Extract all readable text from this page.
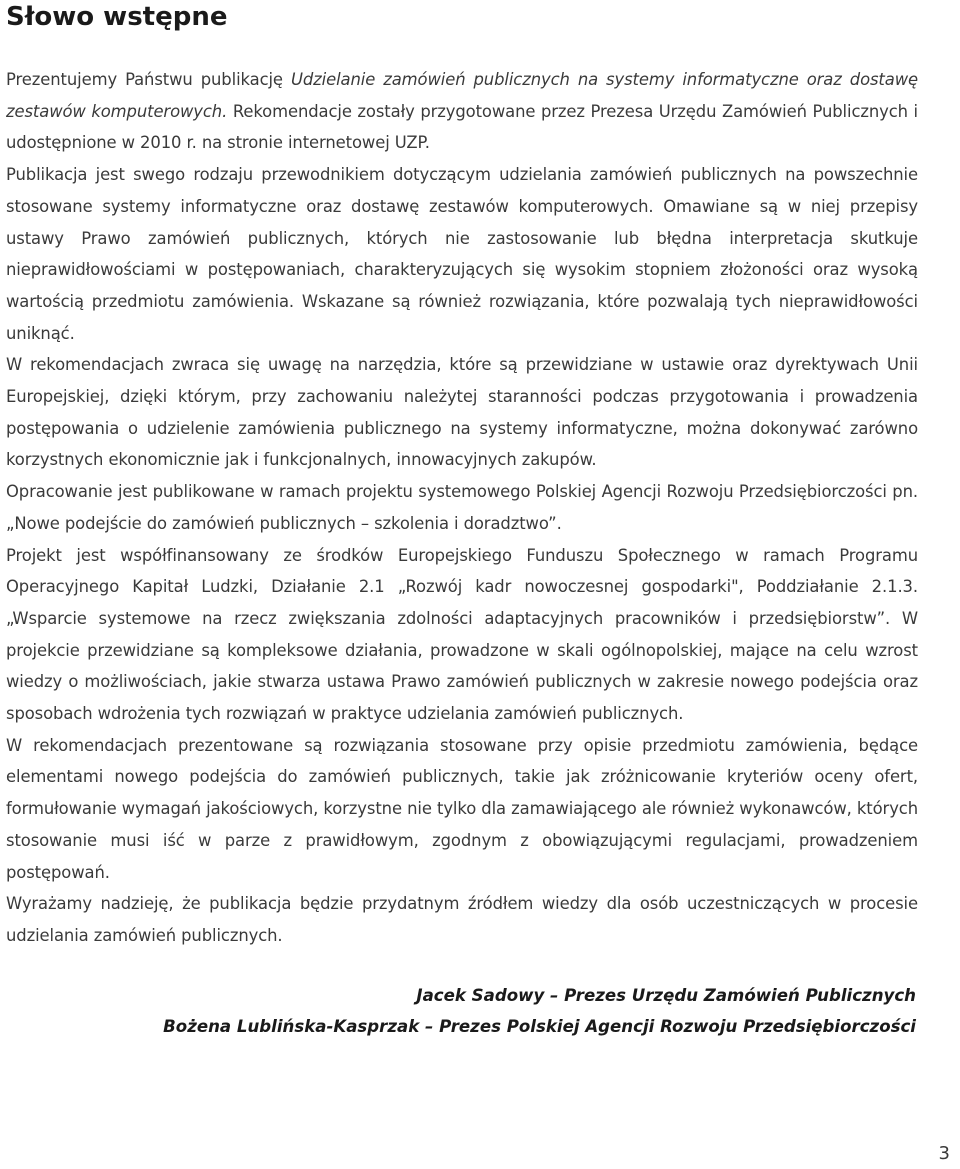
Słowo wstępne

Prezentujemy Państwu publikację Udzielanie zamówień publicznych na systemy informatyczne oraz dostawę zestawów komputerowych. Rekomendacje zostały przygotowane przez Prezesa Urzędu Zamówień Publicznych i udostępnione w 2010 r. na stronie internetowej UZP.

Publikacja jest swego rodzaju przewodnikiem dotyczącym udzielania zamówień publicznych na powszechnie stosowane systemy informatyczne oraz dostawę zestawów komputerowych. Omawiane są w niej przepisy ustawy Prawo zamówień publicznych, których nie zastosowanie lub błędna interpretacja skutkuje nieprawidłowościami w postępowaniach, charakteryzujących się wysokim stopniem złożoności oraz wysoką wartością przedmiotu zamówienia. Wskazane są również rozwiązania, które pozwalają tych nieprawidłowości uniknąć.

W rekomendacjach zwraca się uwagę na narzędzia, które są przewidziane w ustawie oraz dyrektywach Unii Europejskiej, dzięki którym, przy zachowaniu należytej staranności podczas przygotowania i prowadzenia postępowania o udzielenie zamówienia publicznego na systemy informatyczne, można dokonywać zarówno korzystnych ekonomicznie jak i funkcjonalnych, innowacyjnych zakupów.

Opracowanie jest publikowane w ramach projektu systemowego Polskiej Agencji Rozwoju Przedsiębiorczości pn. „Nowe podejście do zamówień publicznych – szkolenia i doradztwo”.

Projekt jest współfinansowany ze środków Europejskiego Funduszu Społecznego w ramach Programu Operacyjnego Kapitał Ludzki, Działanie 2.1 „Rozwój kadr nowoczesnej gospodarki", Poddziałanie 2.1.3. „Wsparcie systemowe na rzecz zwiększania zdolności adaptacyjnych pracowników i przedsiębiorstw”. W projekcie przewidziane są kompleksowe działania, prowadzone w skali ogólnopolskiej, mające na celu wzrost wiedzy o możliwościach, jakie stwarza ustawa Prawo zamówień publicznych w zakresie nowego podejścia oraz sposobach wdrożenia tych rozwiązań w praktyce udzielania zamówień publicznych.

W rekomendacjach prezentowane są rozwiązania stosowane przy opisie przedmiotu zamówienia, będące elementami nowego podejścia do zamówień publicznych, takie jak zróżnicowanie kryteriów oceny ofert, formułowanie wymagań jakościowych, korzystne nie tylko dla zamawiającego ale również wykonawców, których stosowanie musi iść w parze z prawidłowym, zgodnym z obowiązującymi regulacjami, prowadzeniem postępowań.

Wyrażamy nadzieję, że publikacja będzie przydatnym źródłem wiedzy dla osób uczestniczących w procesie udzielania zamówień publicznych.

Jacek Sadowy – Prezes Urzędu Zamówień Publicznych
Bożena Lublińska-Kasprzak – Prezes Polskiej Agencji Rozwoju Przedsiębiorczości
3
